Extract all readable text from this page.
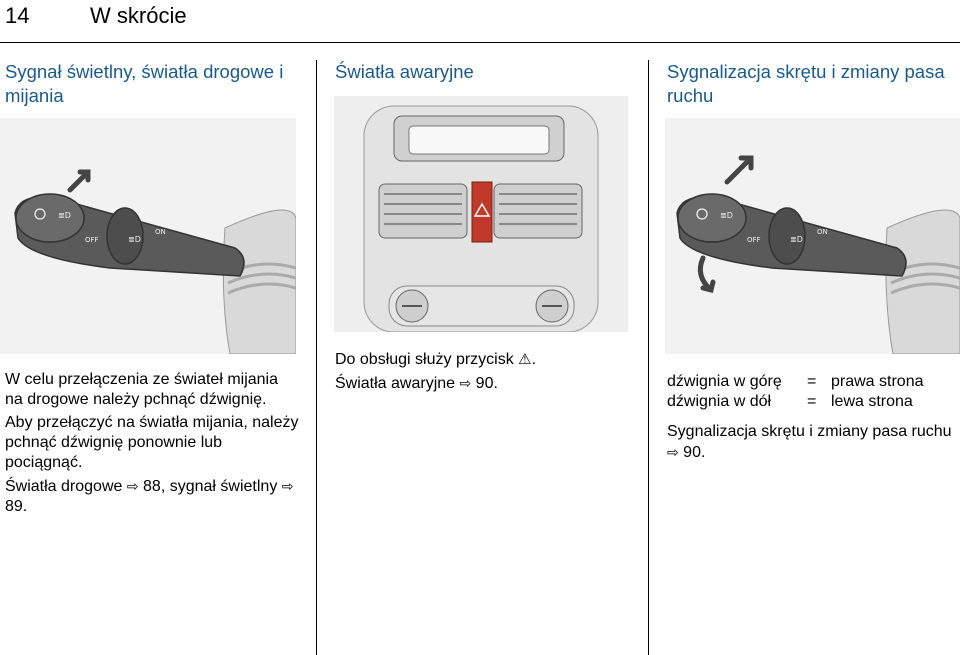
14	W skrócie
Sygnał świetlny, światła drogowe i mijania
≣D
OFF
ON
≣D

W celu przełączenia ze świateł mijania na drogowe należy pchnąć dźwignię.

Aby przełączyć na światła mijania, należy pchnąć dźwignię ponownie lub pociągnąć.

Światła drogowe ⇨ 88, sygnał świetlny ⇨ 89.

Światła awaryjne

Do obsługi służy przycisk ⚠.

Światła awaryjne ⇨ 90.

Sygnalizacja skrętu i zmiany pasa ruchu
≣D
OFF
ON
≣D
dźwignia w górę	= prawa strona
dźwignia w dół	= lewa strona

Sygnalizacja skrętu i zmiany pasa ruchu ⇨ 90.
